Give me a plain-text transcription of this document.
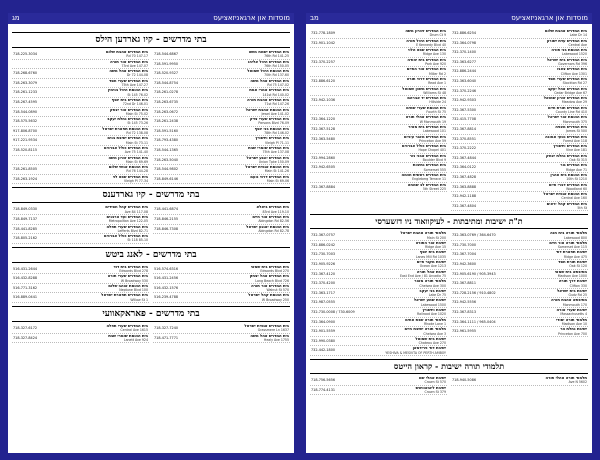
מוסדות און ארגאניזאציעס
מג
בתי מדרשים - קיו גארדען הילס
בית המדרש ישמח משה
141-25 76th Rd
718-544-6867
בית המדרש היכל אליהו
150-05 76th Rd
718-591-9950
בית הכנסת היכל שמואל
137-60 70th Rd
718-520-9327
בית המדרש אהל משה
147-02 75 Rd
718-544-8754
בית המדרש אמרי אמת
140-02 141st Rd
718-261-0278
בית המדרש אהבת תורה
147-26 71st Rd
718-263-6735
בית הכנסת אהבת ישראל
141-02 Jewel Ave
718-263-0672
בית המדרש שערי צדק
76-09 Parsons Blvd
718-261-2438
בית הכנסת בני יוסף
146-02 78th Rd
718-591-5160
בית המדרש ויזשניץ
71-11 Vleigh Pl
718-793-4380
בית המדרש שומרי שבת
137-08 75th Ave
718-544-1365
בית המדרש יונגע ישראל
150-09 Union Tpke
718-263-5040
בית הכנסת אגודת ישראל
141-26 Main St
718-544-9802
בית המדרש דרכי נועם
69-06 Main St
718-849-6146
בית המדרש אהבת שלום
147-17 70 Rd
718-225-3034
בית המדרש אור תורה
147-07 73rd Ave
בית המדרש אהל משה
144-08 72 Dr
718-268-6760
בית המדרש שערי חסד
147-27 75th Ave
718-263-3079
בית הכנסת היכל בנימין
76-02 145 St
718-261-1233
בית המדרש בית יוסף
146-01 72nd Dr
718-267-4595
בית המדרש אור יצחק
75-02 Main St
718-544-0890
בית המדרש נחלת יעקב
73-26 145 St
718-575-5632
בית הכנסת תפארת ישראל
138-08 72 Rd
917-806-8700
בית המדרש ישיבת בנים
73-11 Main St
917-221-9534
בית המדרש כולל אברכים
141-40 75 Ave
718-520-8115
בית המדרש זכרון משה
69-69 Main St
בית הכנסת אנשי שלום
144-28 76 Rd
718-261-8505
בית המדרש שבט לוי
77-34 Vleigh Pl
718-263-1924
בתי מדרשים - קיו גארדענס
בית המדרש ביאלא
119-10 83rd Ave
718-441-6874
בית המדרש אור חיים
82-56 Abingdon Rd
718-846-2155
בית הכנסת יאנגע ישראל
82-78 Abingdon Rd
718-846-7308
בית המדרש קהל חסידים
117-08 84 Ave
718-849-0330
בית המדרש ועד הרבנים
122-05 Metropolitan Ave
718-849-7137
בית המדרש שערי תפלה
82-71 Lefferts Blvd
718-441-8285
בית המדרש כולל אברכים
85-10 118 St
718-805-2162
בתי מדרשים - לאנג ביטש
בית המדרש בית שמאי
270 Edwards Blvd
516-574-6316
בית המדרש אהל יצחק
726 Long Beach Blvd
516-431-2456
בית המדרש אור תורה
570 Walnut St
516-432-1576
בית הכנסת קהל ישראל
250 W Broadway
516-239-4788
בית המדרש בית דוד
278 Edwards Blvd
516-431-2644
בית המדרש שערי תורה
530 W Broadway
516-432-8288
בית הכנסת אוהב שלום
100 Neptune Blvd
516-771-3162
בית המדרש תפארת ישראל
1 Willow St
516-889-0441
בתי מדרשים - פאראקאוועי
בית המדרש אגודת ישראל
1637 Grassmere Ln
718-327-7240
בית המדרש אהל משה
1755 Healy Ave
718-471-7771
בית המדרש שערי תפלה
1615 Central Ave
718-327-6172
בית הכנסת שומרי שבת
924 Lanett Ave
718-327-8424
מוסדות און ארגאניזאציעס
מב
בית המדרש אהבת שלום
14 Lake Dr
732-886-6254
בית המדרש עדת ישורון
Central Ave
732-364-0798
בית הכנסת בני תורה
1520 Lakewood
732-370-1400
בית המדרש בית ישראל
396 Governors Rd
732-363-6277
בית המדרש צאנז
1301 Clifton Ave
732-886-2444
בית המדרש שערי חסד
27 Stockton Rd
732-363-6040
בית המדרש אהל יעקב
67 Cedar Bridge Ave
732-370-2246
בית המדרש זכרון שמואל
29 Meadow Ave
732-942-9303
בית המדרש תורת חיים
410 County Line Rd
732-367-5300
בית הכנסת אור ישראל
375 Monmouth
732-415-7708
בית המדרש מצפה
500 James St
732-367-8814
בית המדרש נטעי אמונה
118 Forest Ave
732-370-8551
בית המדרש ויזשניץ
181 Vine Ave
732-370-2222
בית המדרש נחלת יצחק
315 Oak St
732-367-4844
בית המדרש גור
71 Ridge Ave
732-364-0122
בית הכנסת בית אהרן
1210 10th St
732-367-4828
בית המדרש דברי חיים
60 Woodland
732-363-8888
בית הכנסת אגודת ישראל
160 Central Ave
732-942-1188
בית המדרש קהל יראים
5th St
732-367-4804
בית המדרש זיכרון משה
9 Drum Ct
732-778-1809
בית המדרש היכל תורה
40 E Kennedy Blvd
732-901-1042
בית המדרש שבט הלוי
130 Ridge Ave
בית המדרש בית יהודה
920 Park Ave
732-370-2257
בית המדרש אור החיים
2 Miller Rd
בית המדרש דרכי תורה
1 Read Ave
732-886-6120
בית המדרש משכן שמואל
48 Williams St
בית המדרש יד אברהם
24 Hillside
732-942-1036
בית הכנסת שערי שמים
75 Fourth St
בית המדרש אהלי תורה
19 W Monmouth
732-364-1220
בית המדרש בית מאיר
101 Lakewood
732-367-5128
בית המדרש מאור עיניים
59 Princeton Ave
732-363-5480
בית המדרש כולל אברכים
401 Hope Chapel
בית המדרש אבני נזר
9 Boulder Blvd
732-994-2860
בית המדרש נתיבות
555 Somerset
732-942-6505
בית המדרש ראשית חכמה
11 Engleberg Terrace
בית המדרש לב שמחה
225 5th Street
732-367-8884
ת"ת ישיבות ומתיבתות - לעיקוואוד ניו דזשערסי
תלמוד תורה בית חנה
800 Lakewood
732-363-0769 / 364-6470
תלמוד תורה אור חיים
115 Somerset Ave
732-730-7000
ישיבת תפארת דוד
475 Ridge Ave
732-367-7004
ישיבת תורת חסד
120 Oak St
732-942-3600
מתיבתא בית שמאי
1000 Madison Ave
732-905-6190 / 905-3943
ישיבת דרך תורה
330 Clifton
732-367-8811
ישיבת בית ישראל
25 Gudz Rd
732-728-2156 / 910-4802
מתיבתא אהבת תורה
170 Monmouth
732-942-5556
ישיבת שערי אורה
4 Massachusetts
732-367-8313
תלמוד תורה יסודי
10 Madison Ave
732-364-1111 / 965-0404
ישיבת נחלת הר
700 Princeton Ave
732-961-5955
תלמוד תורה אהבת ישראל
200 Main St
732-367-0757
ישיבת אור התורה
15 Ridge Ave
732-886-0242
ישיבת בית יוסף
1035 Lanes Mill Rd
732-730-7003
ישיבת מקור חיים
1213 Ocean Ave
732-905-9226
ישיבת אהל תורה
75 East End Ave / 81 Arcadia
732-367-4120
תלמוד תורה מאור
300 Chelsea Ave
732-370-4200
ישיבת בני יעקב
75 Lake Dr
732-363-1717
ישיבת שמע ישראל
1500 Lakewood
732-987-0555
ישיבת ויזשניץ
1020 Railroad Ave
732-730-0008 / 730-6009
תלמוד תורה שבת אחים
1 Rhode Lane
732-364-0900
תלמוד תורה ישיבת חיים
3 Chelsea Ave
732-901-5559
ישיבת בית שמואל
270 Chateau Ave
732-990-0380
ישיבת דוד פרידמאן
YESHIVA & MESIVTA OF PERTH AMBOY
732-442-1800
תלמודי תורה ישיבות - קראון הייטס
תלמוד תורה אהלי תורה
5602 Ave N
718-940-5086
ישיבת אהלי שם
570 Crown St
718-756-5656
ישיבת ליובאוויטש
379 Crown St
718-774-4131
